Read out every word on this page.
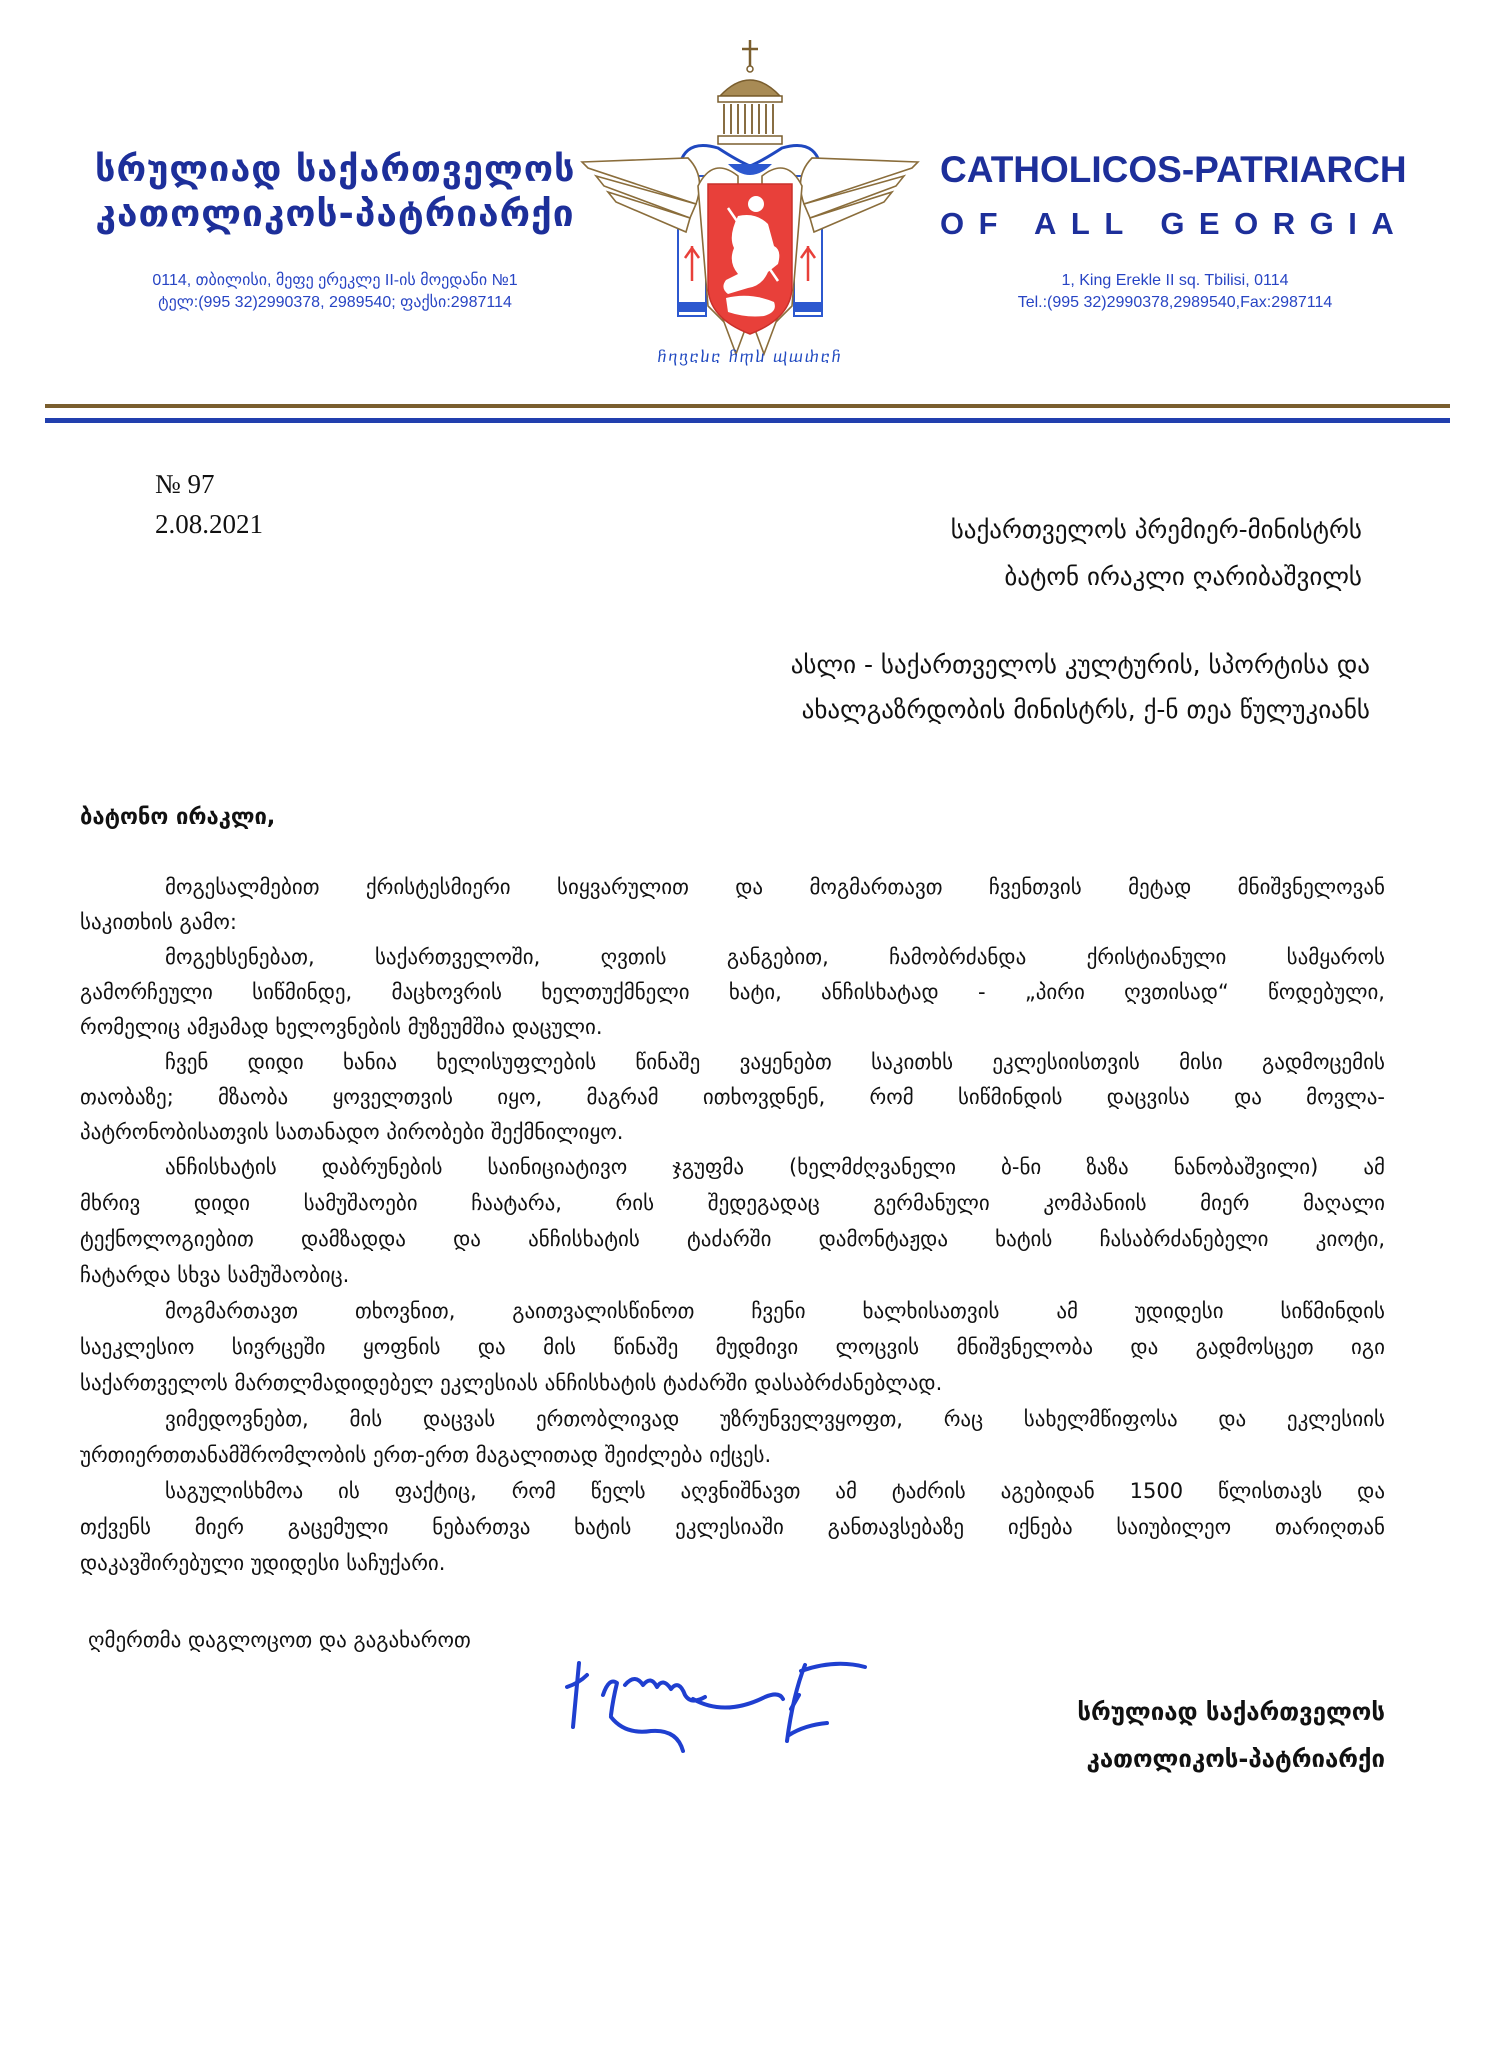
სრულიად საქართველოს
კათოლიკოს-პატრიარქი
0114, თბილისი, მეფე ერეკლე II-ის მოედანი №1
ტელ:(995 32)2990378, 2989540; ფაქსი:2987114
ⴌⴄⴂⴀⴑⴀ ⴌⴅⴑ ⴓⴍⴐⴀⴌ
CATHOLICOS-PATRIARCH
OF ALL GEORGIA
1, King Erekle II sq. Tbilisi, 0114
Tel.:(995 32)2990378,2989540,Fax:2987114
№ 97
2.08.2021	საქართველოს პრემიერ-მინისტრს
ბატონ ირაკლი ღარიბაშვილს
ასლი - საქართველოს კულტურის, სპორტისა და
ახალგაზრდობის მინისტრს, ქ-ნ თეა წულუკიანს
ბატონო ირაკლი,
მოგესალმებით ქრისტესმიერი სიყვარულით და მოგმართავთ ჩვენთვის მეტად მნიშვნელოვან
საკითხის გამო:
მოგეხსენებათ, საქართველოში, ღვთის განგებით, ჩამობრძანდა ქრისტიანული სამყაროს
გამორჩეული სიწმინდე, მაცხოვრის ხელთუქმნელი ხატი, ანჩისხატად - „პირი ღვთისად“ წოდებული,
რომელიც ამჟამად ხელოვნების მუზეუმშია დაცული.
ჩვენ დიდი ხანია ხელისუფლების წინაშე ვაყენებთ საკითხს ეკლესიისთვის მისი გადმოცემის
თაობაზე; მზაობა ყოველთვის იყო, მაგრამ ითხოვდნენ, რომ სიწმინდის დაცვისა და მოვლა-
პატრონობისათვის სათანადო პირობები შექმნილიყო.
ანჩისხატის დაბრუნების საინიციატივო ჯგუფმა (ხელმძღვანელი ბ-ნი ზაზა ნანობაშვილი) ამ
მხრივ დიდი სამუშაოები ჩაატარა, რის შედეგადაც გერმანული კომპანიის მიერ მაღალი
ტექნოლოგიებით დამზადდა და ანჩისხატის ტაძარში დამონტაჟდა ხატის ჩასაბრძანებელი კიოტი,
ჩატარდა სხვა სამუშაობიც.
მოგმართავთ თხოვნით, გაითვალისწინოთ ჩვენი ხალხისათვის ამ უდიდესი სიწმინდის
საეკლესიო სივრცეში ყოფნის და მის წინაშე მუდმივი ლოცვის მნიშვნელობა და გადმოსცეთ იგი
საქართველოს მართლმადიდებელ ეკლესიას ანჩისხატის ტაძარში დასაბრძანებლად.
ვიმედოვნებთ, მის დაცვას ერთობლივად უზრუნველვყოფთ, რაც სახელმწიფოსა და ეკლესიის
ურთიერთთანამშრომლობის ერთ-ერთ მაგალითად შეიძლება იქცეს.
საგულისხმოა ის ფაქტიც, რომ წელს აღვნიშნავთ ამ ტაძრის აგებიდან 1500 წლისთავს და
თქვენს მიერ გაცემული ნებართვა ხატის ეკლესიაში განთავსებაზე იქნება საიუბილეო თარიღთან
დაკავშირებული უდიდესი საჩუქარი.
ღმერთმა დაგლოცოთ და გაგახაროთ
სრულიად საქართველოს
კათოლიკოს-პატრიარქი
